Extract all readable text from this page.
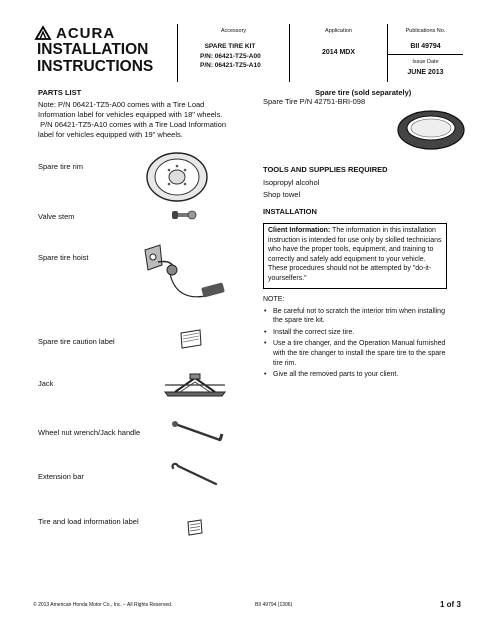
ACURA
INSTALLATION
INSTRUCTIONS
Accessory
SPARE TIRE KIT
P/N: 06421-TZ5-A00
P/N: 06421-TZ5-A10
Application
2014 MDX
Publications No.
BII 49794
Issue Date
JUNE 2013
PARTS LIST
Note: P/N 06421-TZ5-A00 comes with a Tire Load
Information label for vehicles equipped with 18" wheels.
P/N 06421-TZ5-A10 comes with a Tire Load Information
label for vehicles equipped with 19" wheels.
Spare tire rim
Valve stem
Spare tire hoist
Spare tire caution label
Jack
Wheel nut wrench/Jack handle
Extension bar
Tire and load information label
Spare tire (sold separately)
Spare Tire P/N 42751-BRI-098
TOOLS AND SUPPLIES REQUIRED
Isopropyl alcohol
Shop towel
INSTALLATION
Client Information: The information in this installation instruction is intended for use only by skilled technicians who have the proper tools, equipment, and training to correctly and safely add equipment to your vehicle. These procedures should not be attempted by "do-it-yourselfers."
NOTE:
• Be careful not to scratch the interior trim when installing the spare tire kit.
• Install the correct size tire.
• Use a tire changer, and the Operation Manual furnished with the tire changer to install the spare tire to the spare tire rim.
• Give all the removed parts to your client.
© 2013 American Honda Motor Co., Inc. – All Rights Reserved.	BII 49794 (1306)	1 of 3
